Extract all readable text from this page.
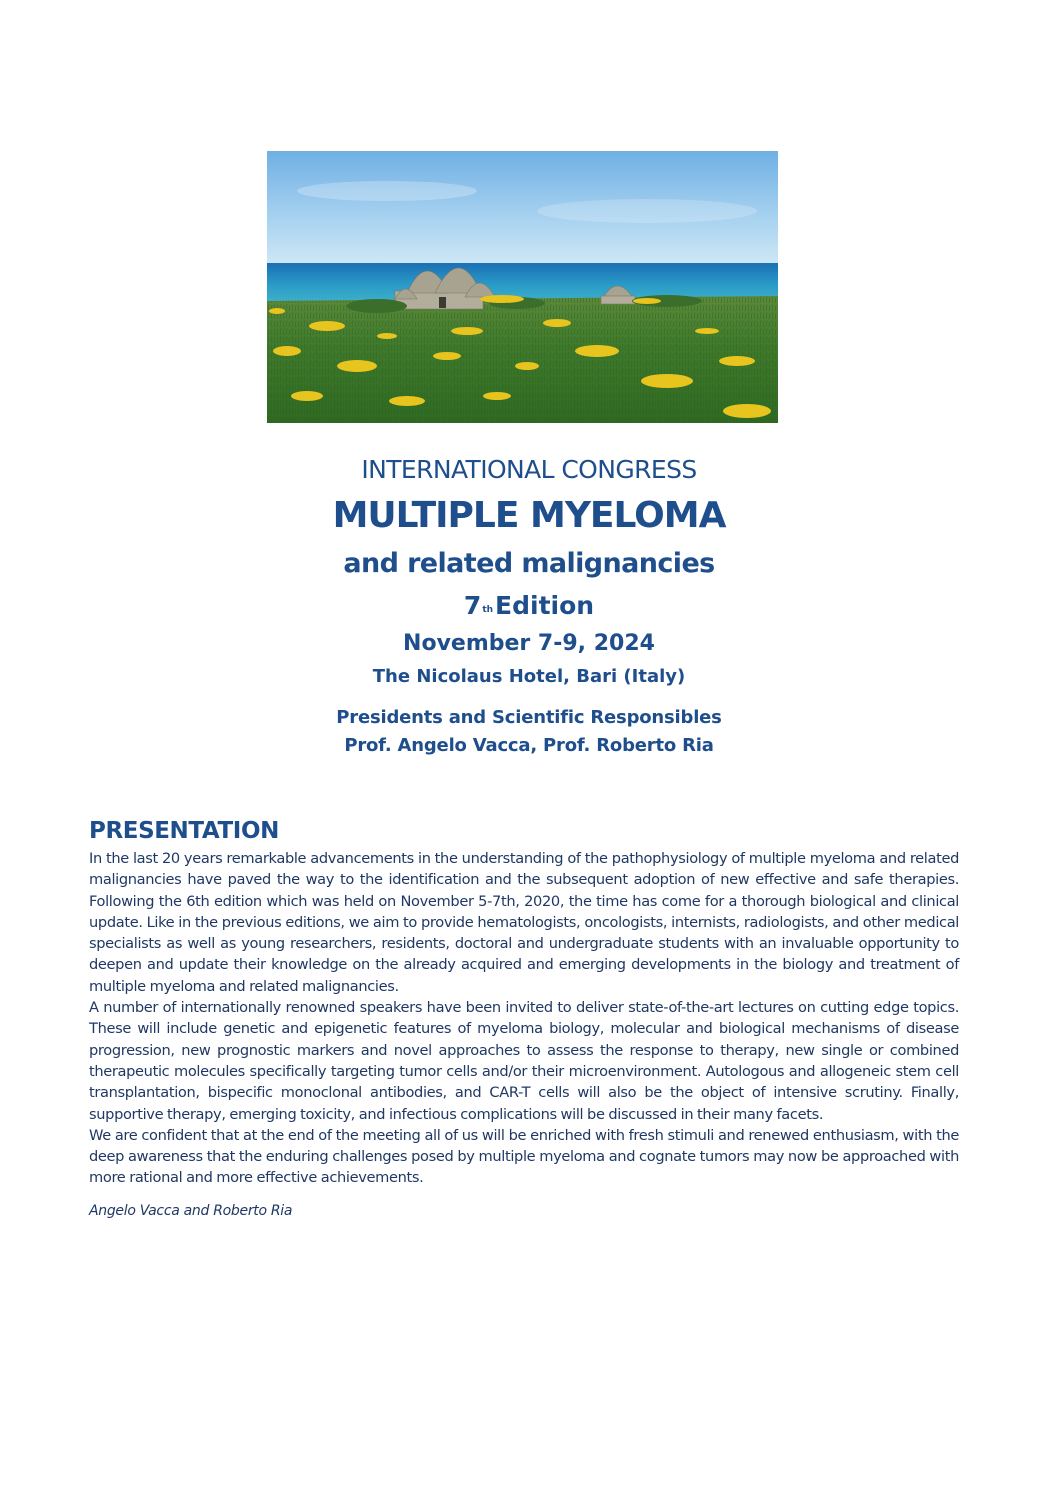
INTERNATIONAL CONGRESS

MULTIPLE MYELOMA

and related malignancies

7thEdition

November 7-9, 2024

The Nicolaus Hotel, Bari (Italy)

Presidents and Scientific Responsibles

Prof. Angelo Vacca, Prof. Roberto Ria

PRESENTATION

In the last 20 years remarkable advancements in the understanding of the pathophysiology of multiple myeloma and related malignancies have paved the way to the identification and the subsequent adoption of new effective and safe therapies. Following the 6th edition which was held on November 5-7th, 2020, the time has come for a thorough biological and clinical update. Like in the previous editions, we aim to provide hematologists, oncologists, internists, radiologists, and other medical specialists as well as young researchers, residents, doctoral and undergraduate students with an invaluable opportunity to deepen and update their knowledge on the already acquired and emerging developments in the biology and treatment of multiple myeloma and related malignancies.

A number of internationally renowned speakers have been invited to deliver state-of-the-art lectures on cutting edge topics. These will include genetic and epigenetic features of myeloma biology, molecular and biological mechanisms of disease progression, new prognostic markers and novel approaches to assess the response to therapy, new single or combined therapeutic molecules specifically targeting tumor cells and/or their microenvironment. Autologous and allogeneic stem cell transplantation, bispecific monoclonal antibodies, and CAR-T cells will also be the object of intensive scrutiny. Finally, supportive therapy, emerging toxicity, and infectious complications will be discussed in their many facets.

We are confident that at the end of the meeting all of us will be enriched with fresh stimuli and renewed enthusiasm, with the deep awareness that the enduring challenges posed by multiple myeloma and cognate tumors may now be approached with more rational and more effective achievements.

Angelo Vacca and Roberto Ria
